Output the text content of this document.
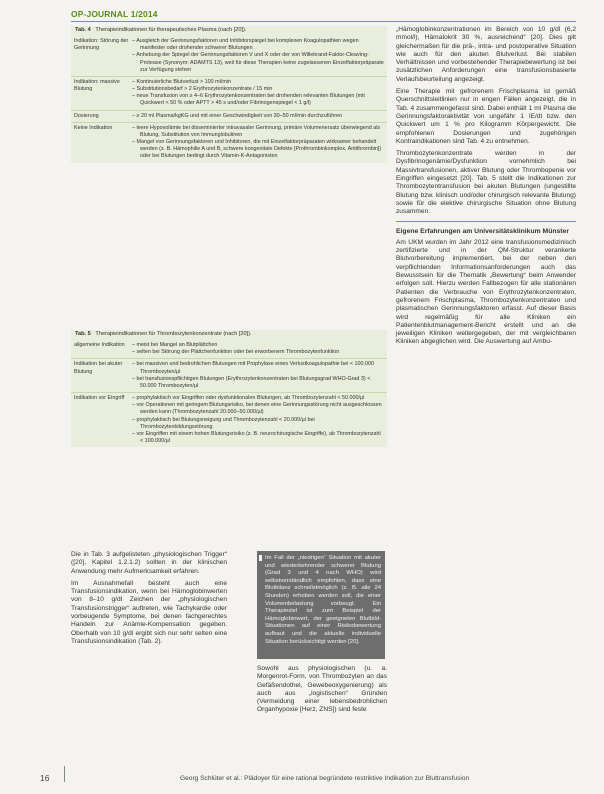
OP-JOURNAL 1/2014
Tab. 4 Therapieindikationen für therapeutisches Plasma (nach [20]).
Indikation: Störung der Gerinnung
– Ausgleich der Gerinnungsfaktoren und Inhibitorspiegel bei komplexen Koagulopathien wegen manifester oder drohender schwerer Blutungen
– Anhebung der Spiegel der Gerinnungsfaktoren V und X oder der von Willebrand-Faktor-Cleaving-Protease (Synonym: ADAMTS 13), weil für diese Therapien keine zugelassenen Einzelfaktorpräparate zur Verfügung stehen
Indikation: massive Blutung
– Kontinuierliche Blutverlust > 100 ml/min
– Substitutionsbedarf > 2 Erythrozytenkonzentrate / 15 min
– neue Transfusion von ≥ 4–6 Erythrozytenkonzentraten bei drohenden relevanten Blutungen (mit Quickwert < 50 % oder APTT > 45 s und/oder Fibrinogenspiegel < 1 g/l)
Dosierung	– ≥ 20 ml Plasma/kgKG und mit einer Geschwindigkeit von 30–50 ml/min durchzuführen
Keine Indikation	– leere Hypovolämie bei disseminierter intravasaler Gerinnung, primäre Volumenersatz überwiegend als Blutung, Substitution von Immunglobulinen
– Mangel von Gerinnungsfaktoren und Inhibitoren, die mit Einzelfaktorpräparaten wirksamer behandelt werden (z. B. Hämophilie A und B, schwere kongenitale Defekte [Prothrombinkomplex, Antithrombin]) oder bei Blutungen bedingt durch Vitamin-K-Antagonisten
Tab. 5 Therapieindikationen für Thrombozytenkonzentrate (nach [20]).
allgemeine Indikation	– meist bei Mangel an Blutplättchen
– selten bei Störung der Plättchenfunktion oder bei erworbenem Thrombozytenfunktion
Indikation bei akuter Blutung
– bei massiven und bedrohlichen Blutungen mit Prophylaxe eines Verlustkoagulopathie bei < 100.000 Thrombozyten/µl
– bei transfusionspflichtigen Blutungen (Erythrozytenkonzentraten bei Blutungsgrad WHO-Grad 3) < 50.000 Thrombozyten/µl
Indikation vor Eingriff	– prophylaktisch vor Eingriffen oder dysfunktionalen Blutungen, ab Thrombozytenzahl < 50.000/µl
– vor Operationen mit geringem Blutungsrisiko, bei denen eine Gerinnungsstörung nicht ausgeschlossen werden kann (Thrombozytenzahl 20.000–50.000/µl)
– prophylaktisch bei Blutungsneigung und Thrombozytenzahl < 20.000/µl bei Thrombozytenbildungsstörung
– vor Eingriffen mit einem hohen Blutungsrisiko (z. B. neurochirurgische Eingriffe), ab Thrombozytenzahl < 100.000/µl

„Hämoglobinkonzentrationen im Bereich von 10 g/dl (6,2 mmol/l), Hämatokrit 30 %, ausreichend“ [20]. Dies gilt gleichermaßen für die prä-, intra- und postoperative Situation wie auch für den akuten Blutverlust. Bei stabilen Verhältnissen und vorbestehender Therapiebewertung ist bei zusätzlichen Anforderungen eine transfusionsbasierte Verlaufsbeurteilung angezeigt.

Eine Therapie mit gefrorenem Frischplasma ist gemäß Querschnittsleitlinien nur in engen Fällen angezeigt, die in Tab. 4 zusammengefasst sind. Dabei enthält 1 ml Plasma die Gerinnungsfaktoraktivität von ungefähr 1 IE/dl bzw. den Quickwert um 1 % pro Kilogramm Körpergewicht. Die empfohlenen Dosierungen und zugehörigen Kontraindikationen sind Tab. 4 zu entnehmen.

Thrombozytenkonzentrate werden in der Dysfibrinogenämie/Dysfunktion vornehmlich bei Massivtransfusionen, aktiver Blutung oder Thrombopenie vor Eingriffen eingesetzt [20]. Tab. 5 stellt die Indikationen zur Thrombozytentransfusion bei akuten Blutungen (ungestillte Blutung bzw. klinisch und/oder chirurgisch relevante Blutung) sowie für die elektive chirurgische Situation ohne Blutung zusammen.

Eigene Erfahrungen am Universitätsklinikum Münster

Am UKM wurden im Jahr 2012 eine transfusionsmedizinisch zertifizierte und in der QM-Struktur verankerte Blutvorbereitung implementiert, bei der neben den verpflichtenden Informationsanforderungen auch das Bewusstsein für die Thematik „Bewertung“ beim Anwender erfolgen soll. Hierzu werden Fallbezogen für alle stationären Patienten die Verbrauche von Erythrozytenkonzentraten, gefrorenem Frischplasma, Thrombozytenkonzentraten und plasmatischen Gerinnungsfaktoren erfasst. Auf dieser Basis wird regelmäßig für alle Kliniken ein Patientenblutmanagement-Bericht erstellt und an die jeweiligen Kliniken weitergegeben, der mit vergleichbaren Kliniken abgeglichen wird. Die Auswertung auf Ambu-

Die in Tab. 3 aufgelisteten „physiologischen Trigger“ ([20], Kapitel 1.2.1.2) sollten in der klinischen Anwendung mehr Aufmerksamkeit erfahren.

Im Ausnahmefall besteht auch eine Transfusionsindikation, wenn bei Hämoglobinwerten von 8–10 g/dl Zeichen der „physiologischen Transfusionstrigger“ auftreten, wie Tachykardie oder vorbeugende Symptome, bei denen fachgerechtes Handeln zur Anämie-Kompensation gegeben. Oberhalb von 10 g/dl ergibt sich nur sehr selten eine Transfusionsindikation (Tab. 2).

Im Fall der „niedrigen“ Situation mit akuter und wiederkehrender schwerer Blutung (Grad 3 und 4 nach WHO) wird selbstverständlich empfohlen, dass eine Blutbilanz schnellstmöglich (z. B. alle 24 Stunden) erhoben werden soll, die einer Volumenbelastung vorbeugt. Ein Therapieziel ist zum Beispiel der Hämoglobinwert, der geeigneten Blutbild-Situationen auf einer Risikobewertung aufbaut und die aktuelle individuelle Situation berücksichtigt werden [20].

Sowohl aus physiologischen (u. a. Morgenrot-Form, von Thrombozyten an das Gefäßendothel, Gewebeoxygenierung) als auch aus „logistischen“ Gründen (Vermeidung einer lebensbedrohlichen Organhypoxie [Herz, ZNS]) sind feste

16	Georg Schlüter et al.: Plädoyer für eine rational begründete restriktive Indikation zur Bluttransfusion
